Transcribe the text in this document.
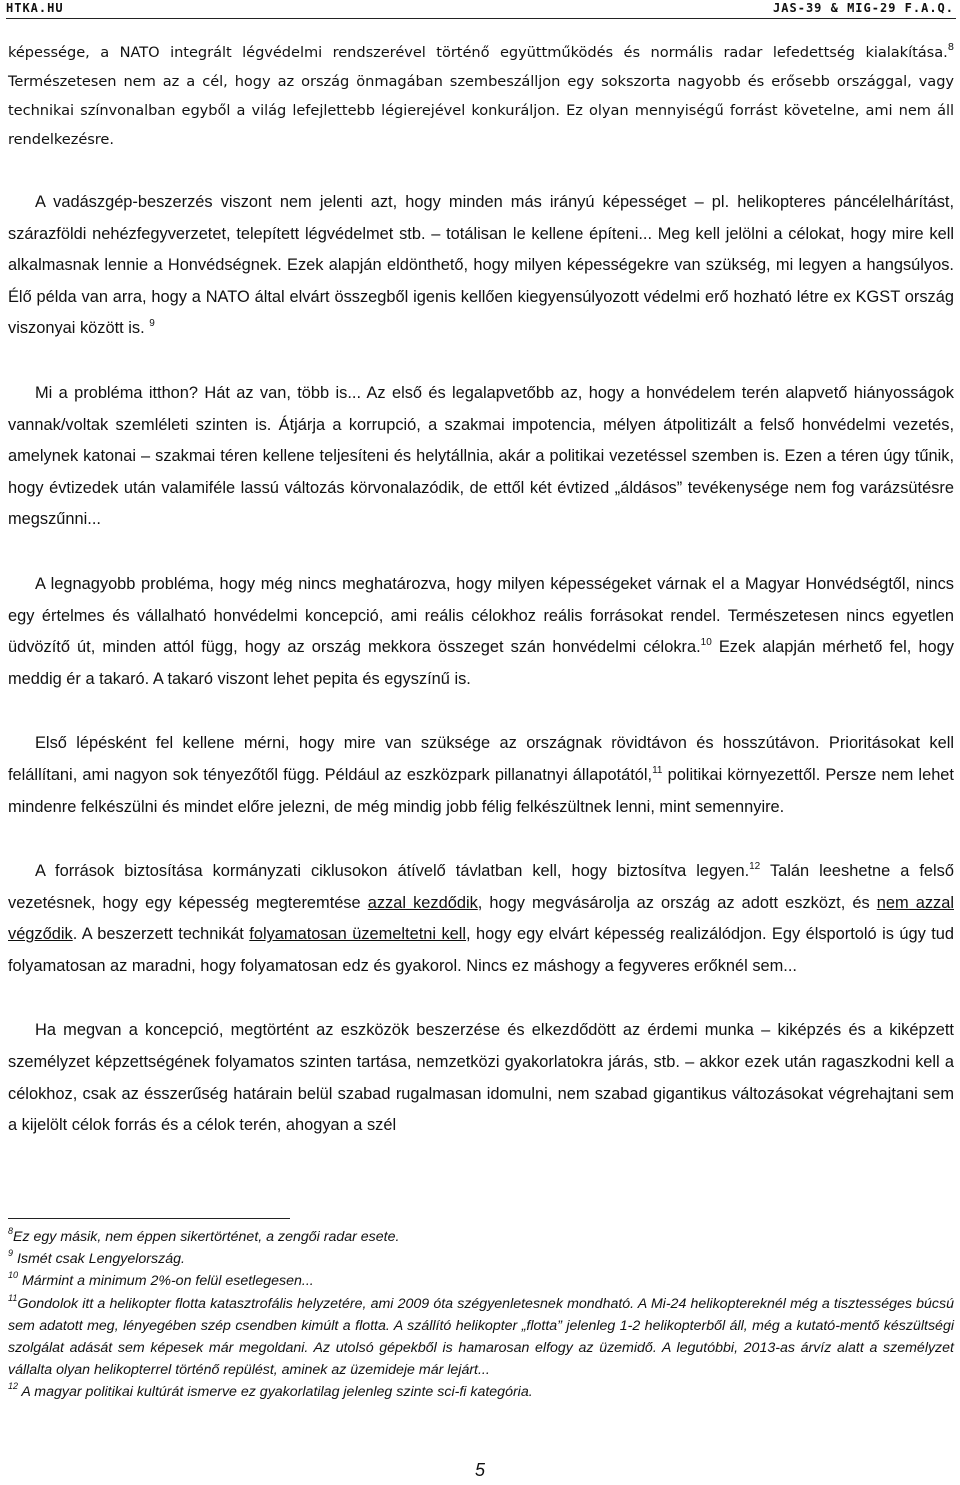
HTKA.HU	JAS-39 & MIG-29 F.A.Q.

képessége, a NATO integrált légvédelmi rendszerével történő együttműködés és normális radar lefedettség kialakítása.$^8$ Természetesen nem az a cél, hogy az ország önmagában szembeszálljon egy sokszorta nagyobb és erősebb országgal, vagy technikai színvonalban egyből a világ lefejlettebb légierejével konkuráljon. Ez olyan mennyiségű forrást követelne, ami nem áll rendelkezésre.

A vadászgép-beszerzés viszont nem jelenti azt, hogy minden más irányú képességet – pl. helikopteres páncélelhárítást, szárazföldi nehézfegyverzetet, telepített légvédelmet stb. – totálisan le kellene építeni... Meg kell jelölni a célokat, hogy mire kell alkalmasnak lennie a Honvédségnek. Ezek alapján eldönthető, hogy milyen képességekre van szükség, mi legyen a hangsúlyos. Élő példa van arra, hogy a NATO által elvárt összegből igenis kellően kiegyensúlyozott védelmi erő hozható létre ex KGST ország viszonyai között is. $^9$

Mi a probléma itthon? Hát az van, több is... Az első és legalapvetőbb az, hogy a honvédelem terén alapvető hiányosságok vannak/voltak szemléleti szinten is. Átjárja a korrupció, a szakmai impotencia, mélyen átpolitizált a felső honvédelmi vezetés, amelynek katonai – szakmai téren kellene teljesíteni és helytállnia, akár a politikai vezetéssel szemben is. Ezen a téren úgy tűnik, hogy évtizedek után valamiféle lassú változás körvonalazódik, de ettől két évtized „áldásos” tevékenysége nem fog varázsütésre megszűnni...

A legnagyobb probléma, hogy még nincs meghatározva, hogy milyen képességeket várnak el a Magyar Honvédségtől, nincs egy értelmes és vállalható honvédelmi koncepció, ami reális célokhoz reális forrásokat rendel. Természetesen nincs egyetlen üdvözítő út, minden attól függ, hogy az ország mekkora összeget szán honvédelmi célokra.$^{10}$ Ezek alapján mérhető fel, hogy meddig ér a takaró. A takaró viszont lehet pepita és egyszínű is.

Első lépésként fel kellene mérni, hogy mire van szüksége az országnak rövidtávon és hosszútávon. Prioritásokat kell felállítani, ami nagyon sok tényezőtől függ. Például az eszközpark pillanatnyi állapotától,$^{11}$ politikai környezettől. Persze nem lehet mindenre felkészülni és mindet előre jelezni, de még mindig jobb félig felkészültnek lenni, mint semennyire.

A források biztosítása kormányzati ciklusokon átívelő távlatban kell, hogy biztosítva legyen.$^{12}$ Talán leeshetne a felső vezetésnek, hogy egy képesség megteremtése azzal kezdődik, hogy megvásárolja az ország az adott eszközt, és nem azzal végződik. A beszerzett technikát folyamatosan üzemeltetni kell, hogy egy elvárt képesség realizálódjon. Egy élsportoló is úgy tud folyamatosan az maradni, hogy folyamatosan edz és gyakorol. Nincs ez máshogy a fegyveres erőknél sem...

Ha megvan a koncepció, megtörtént az eszközök beszerzése és elkezdődött az érdemi munka – kiképzés és a kiképzett személyzet képzettségének folyamatos szinten tartása, nemzetközi gyakorlatokra járás, stb. – akkor ezek után ragaszkodni kell a célokhoz, csak az ésszerűség határain belül szabad rugalmasan idomulni, nem szabad gigantikus változásokat végrehajtani sem a kijelölt célok forrás és a célok terén, ahogyan a szél

$^8$Ez egy másik, nem éppen sikertörténet, a zengői radar esete.

$^9$ Ismét csak Lengyelország.

$^{10}$ Mármint a minimum 2%-on felül esetlegesen...

$^{11}$Gondolok itt a helikopter flotta katasztrofális helyzetére, ami 2009 óta szégyenletesnek mondható. A Mi-24 helikoptereknél még a tisztességes búcsú sem adatott meg, lényegében szép csendben kimúlt a flotta. A szállító helikopter „flotta” jelenleg 1-2 helikopterből áll, még a kutató-mentő készültségi szolgálat adását sem képesek már megoldani. Az utolsó gépekből is hamarosan elfogy az üzemidő. A legutóbbi, 2013-as árvíz alatt a személyzet vállalta olyan helikopterrel történő repülést, aminek az üzemideje már lejárt...

$^{12}$ A magyar politikai kultúrát ismerve ez gyakorlatilag jelenleg szinte sci-fi kategória.

5
